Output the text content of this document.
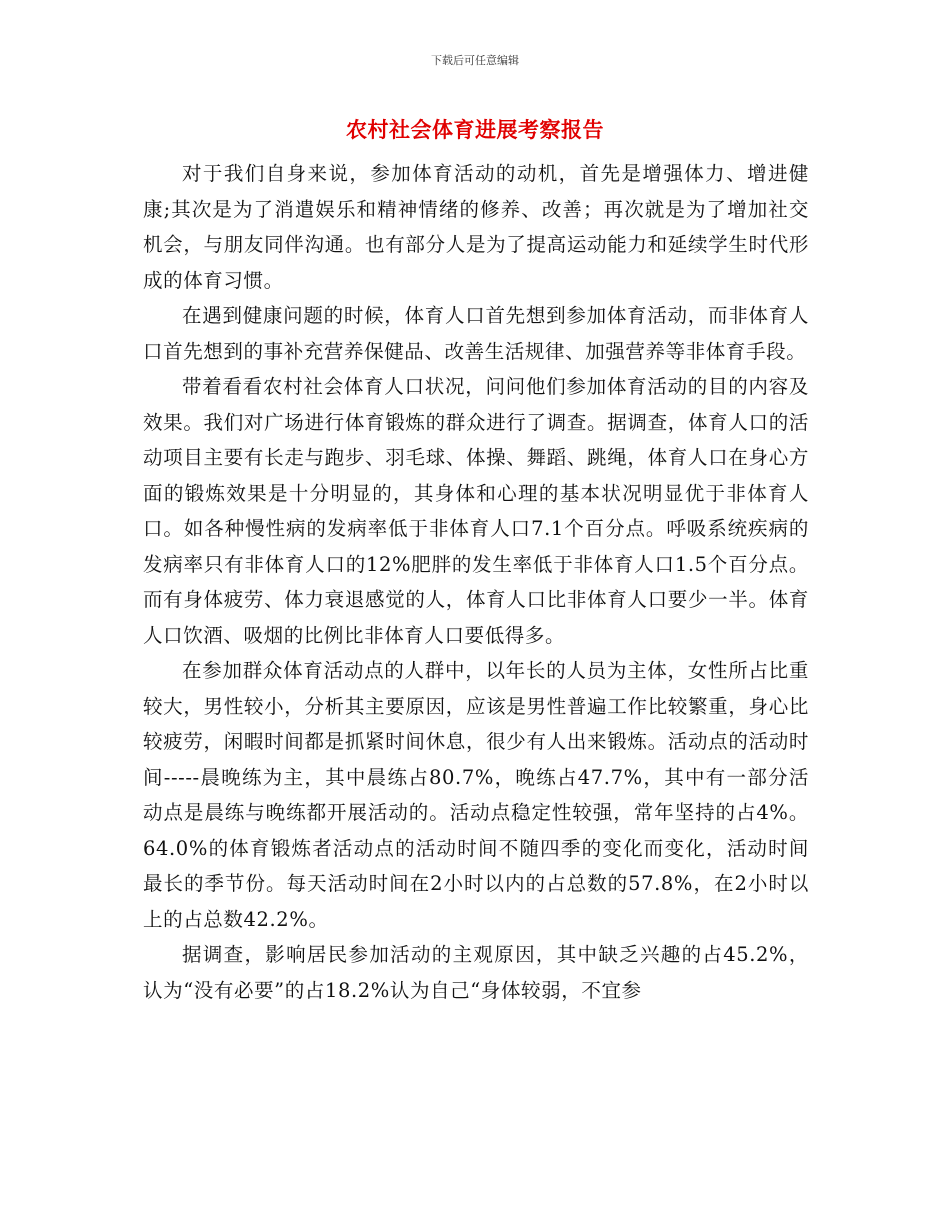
下载后可任意编辑
农村社会体育进展考察报告

对于我们自身来说，参加体育活动的动机，首先是增强体力、增进健康;其次是为了消遣娱乐和精神情绪的修养、改善；再次就是为了增加社交机会，与朋友同伴沟通。也有部分人是为了提高运动能力和延续学生时代形成的体育习惯。

在遇到健康问题的时候，体育人口首先想到参加体育活动，而非体育人口首先想到的事补充营养保健品、改善生活规律、加强营养等非体育手段。

带着看看农村社会体育人口状况，问问他们参加体育活动的目的内容及效果。我们对广场进行体育锻炼的群众进行了调查。据调查，体育人口的活动项目主要有长走与跑步、羽毛球、体操、舞蹈、跳绳，体育人口在身心方面的锻炼效果是十分明显的，其身体和心理的基本状况明显优于非体育人口。如各种慢性病的发病率低于非体育人口7.1个百分点。呼吸系统疾病的发病率只有非体育人口的12%肥胖的发生率低于非体育人口1.5个百分点。而有身体疲劳、体力衰退感觉的人，体育人口比非体育人口要少一半。体育人口饮酒、吸烟的比例比非体育人口要低得多。

在参加群众体育活动点的人群中，以年长的人员为主体，女性所占比重较大，男性较小，分析其主要原因，应该是男性普遍工作比较繁重，身心比较疲劳，闲暇时间都是抓紧时间休息，很少有人出来锻炼。活动点的活动时间-----晨晚练为主，其中晨练占80.7%，晚练占47.7%，其中有一部分活动点是晨练与晚练都开展活动的。活动点稳定性较强，常年坚持的占4%。64.0%的体育锻炼者活动点的活动时间不随四季的变化而变化，活动时间最长的季节份。每天活动时间在2小时以内的占总数的57.8%，在2小时以上的占总数42.2%。

据调查，影响居民参加活动的主观原因，其中缺乏兴趣的占45.2%，认为“没有必要”的占18.2%认为自己“身体较弱，不宜参
